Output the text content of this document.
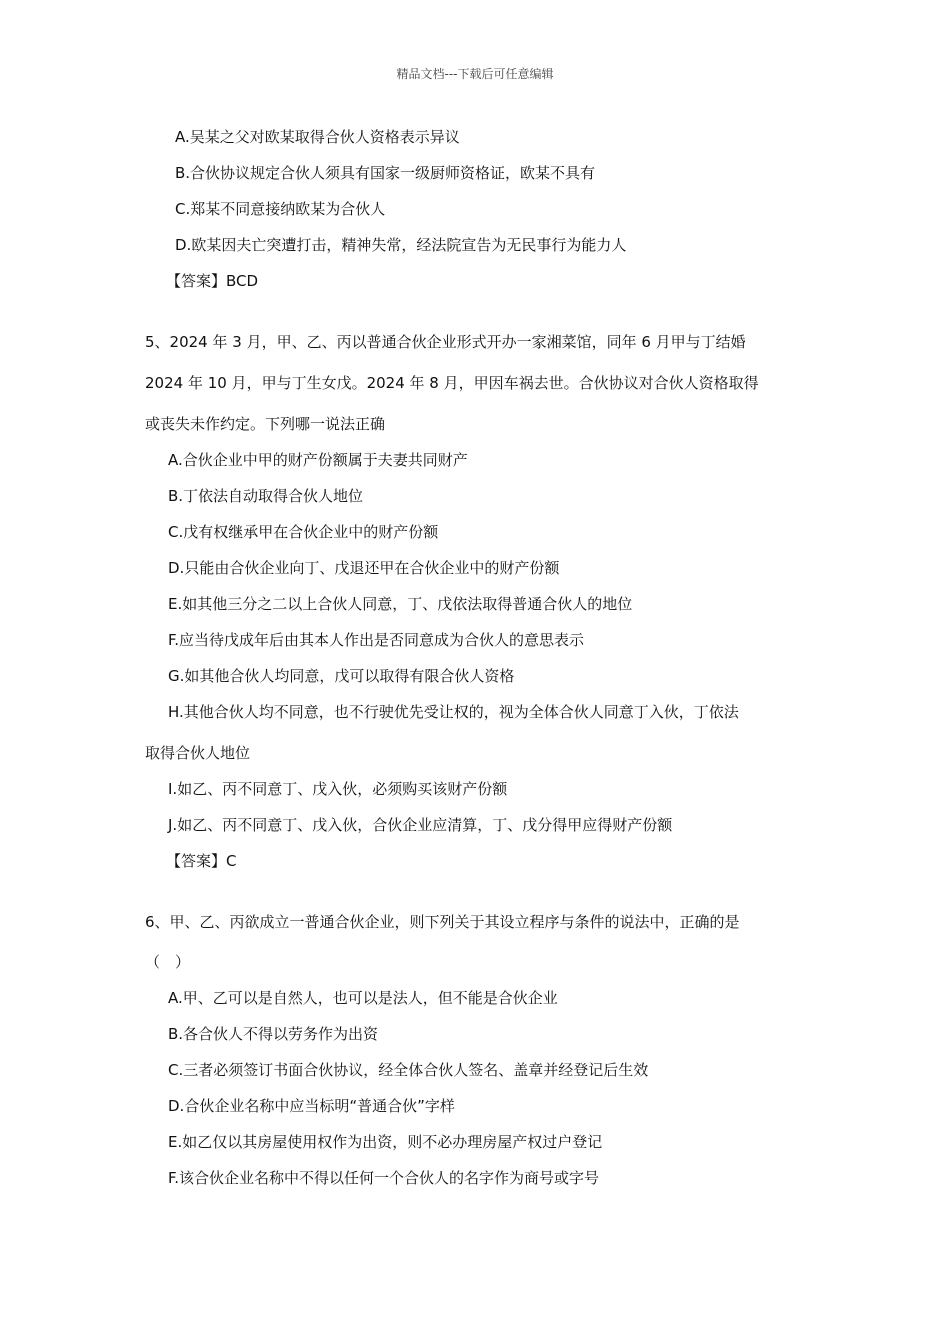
精品文档---下载后可任意编辑
A.吴某之父对欧某取得合伙人资格表示异议
B.合伙协议规定合伙人须具有国家一级厨师资格证，欧某不具有
C.郑某不同意接纳欧某为合伙人
D.欧某因夫亡突遭打击，精神失常，经法院宣告为无民事行为能力人
【答案】BCD
5、2024 年 3 月，甲、乙、丙以普通合伙企业形式开办一家湘菜馆，同年 6 月甲与丁结婚
2024 年 10 月，甲与丁生女戊。2024 年 8 月，甲因车祸去世。合伙协议对合伙人资格取得
或丧失未作约定。下列哪一说法正确
A.合伙企业中甲的财产份额属于夫妻共同财产
B.丁依法自动取得合伙人地位
C.戊有权继承甲在合伙企业中的财产份额
D.只能由合伙企业向丁、戊退还甲在合伙企业中的财产份额
E.如其他三分之二以上合伙人同意，丁、戊依法取得普通合伙人的地位
F.应当待戊成年后由其本人作出是否同意成为合伙人的意思表示
G.如其他合伙人均同意，戊可以取得有限合伙人资格
H.其他合伙人均不同意，也不行驶优先受让权的，视为全体合伙人同意丁入伙，丁依法
取得合伙人地位
I.如乙、丙不同意丁、戊入伙，必须购买该财产份额
J.如乙、丙不同意丁、戊入伙，合伙企业应清算，丁、戊分得甲应得财产份额
【答案】C
6、甲、乙、丙欲成立一普通合伙企业，则下列关于其设立程序与条件的说法中，正确的是
（　）
A.甲、乙可以是自然人，也可以是法人，但不能是合伙企业
B.各合伙人不得以劳务作为出资
C.三者必须签订书面合伙协议，经全体合伙人签名、盖章并经登记后生效
D.合伙企业名称中应当标明“普通合伙”字样
E.如乙仅以其房屋使用权作为出资，则不必办理房屋产权过户登记
F.该合伙企业名称中不得以任何一个合伙人的名字作为商号或字号
